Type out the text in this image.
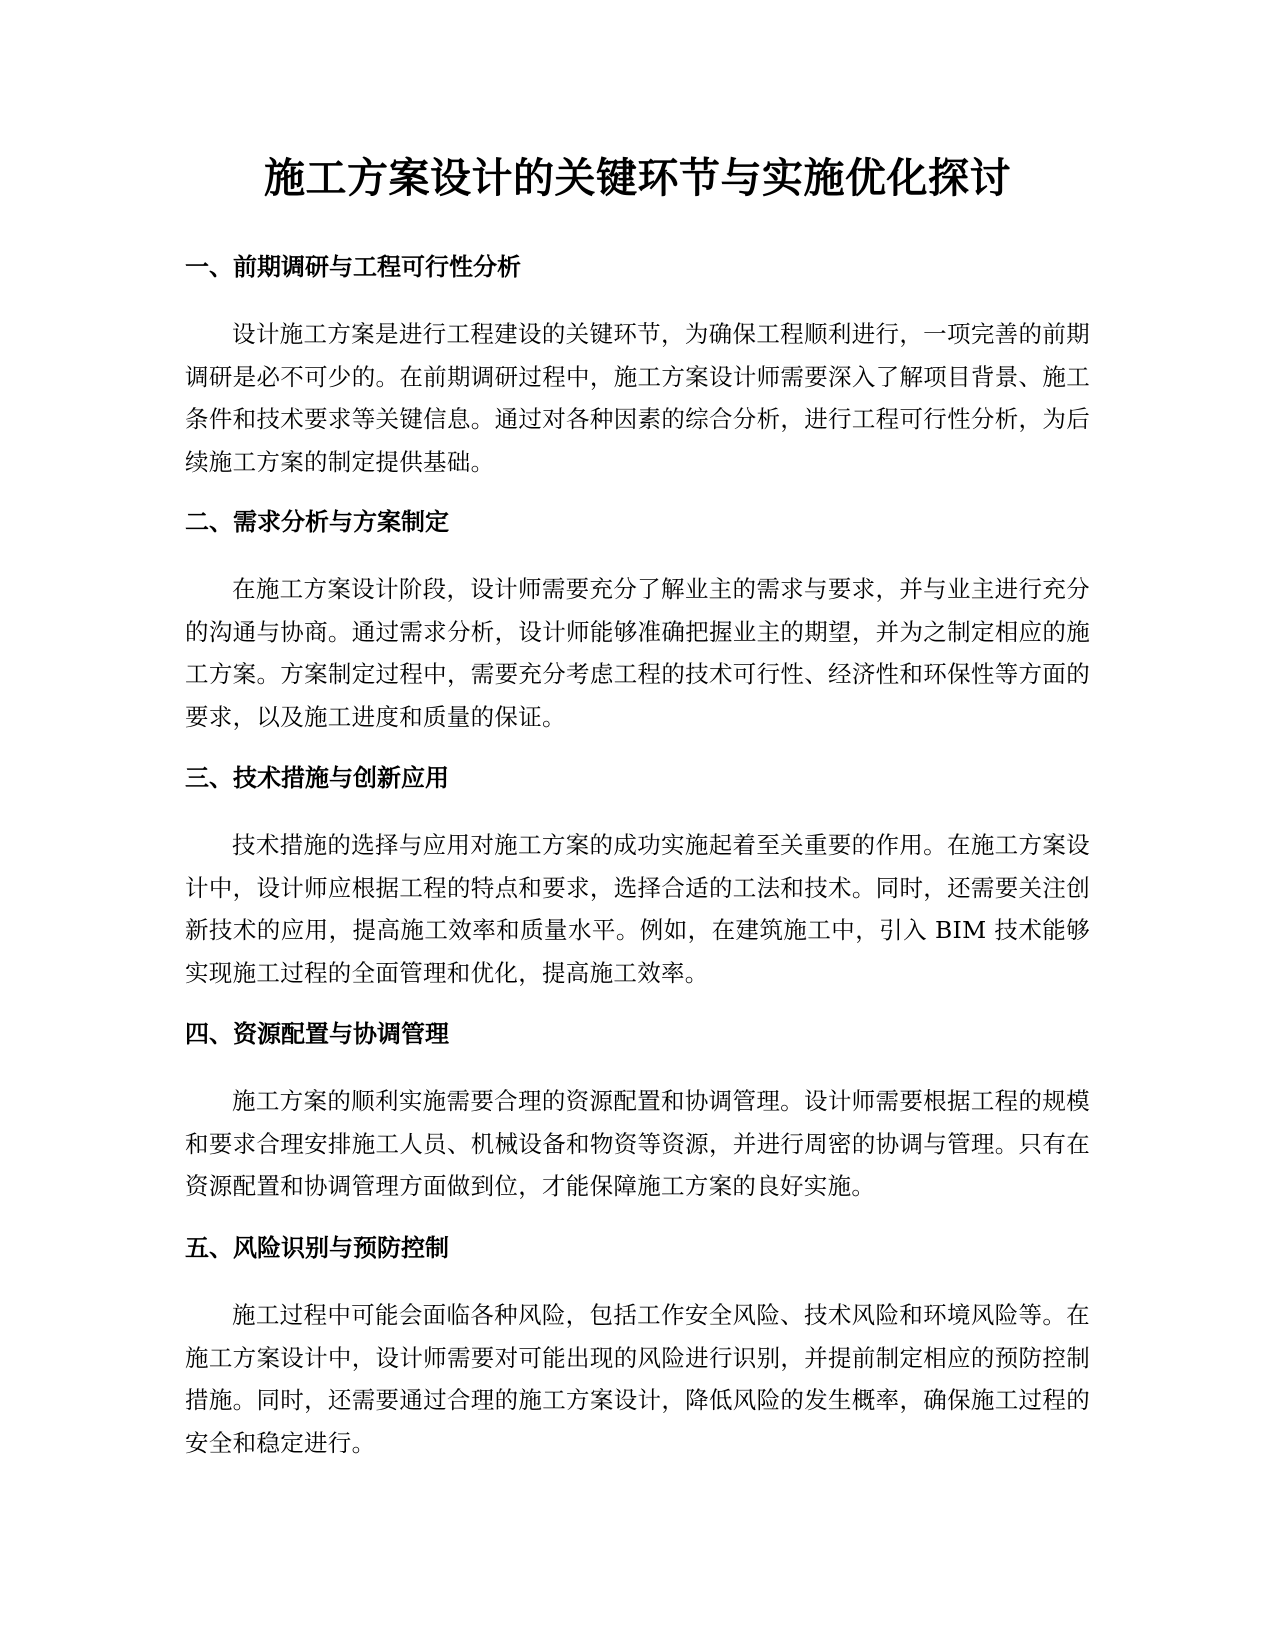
施工方案设计的关键环节与实施优化探讨
一、前期调研与工程可行性分析

设计施工方案是进行工程建设的关键环节，为确保工程顺利进行，一项完善的前期调研是必不可少的。在前期调研过程中，施工方案设计师需要深入了解项目背景、施工条件和技术要求等关键信息。通过对各种因素的综合分析，进行工程可行性分析，为后续施工方案的制定提供基础。

二、需求分析与方案制定

在施工方案设计阶段，设计师需要充分了解业主的需求与要求，并与业主进行充分的沟通与协商。通过需求分析，设计师能够准确把握业主的期望，并为之制定相应的施工方案。方案制定过程中，需要充分考虑工程的技术可行性、经济性和环保性等方面的要求，以及施工进度和质量的保证。

三、技术措施与创新应用

技术措施的选择与应用对施工方案的成功实施起着至关重要的作用。在施工方案设计中，设计师应根据工程的特点和要求，选择合适的工法和技术。同时，还需要关注创新技术的应用，提高施工效率和质量水平。例如，在建筑施工中，引入 BIM 技术能够实现施工过程的全面管理和优化，提高施工效率。

四、资源配置与协调管理

施工方案的顺利实施需要合理的资源配置和协调管理。设计师需要根据工程的规模和要求合理安排施工人员、机械设备和物资等资源，并进行周密的协调与管理。只有在资源配置和协调管理方面做到位，才能保障施工方案的良好实施。

五、风险识别与预防控制

施工过程中可能会面临各种风险，包括工作安全风险、技术风险和环境风险等。在施工方案设计中，设计师需要对可能出现的风险进行识别，并提前制定相应的预防控制措施。同时，还需要通过合理的施工方案设计，降低风险的发生概率，确保施工过程的安全和稳定进行。
